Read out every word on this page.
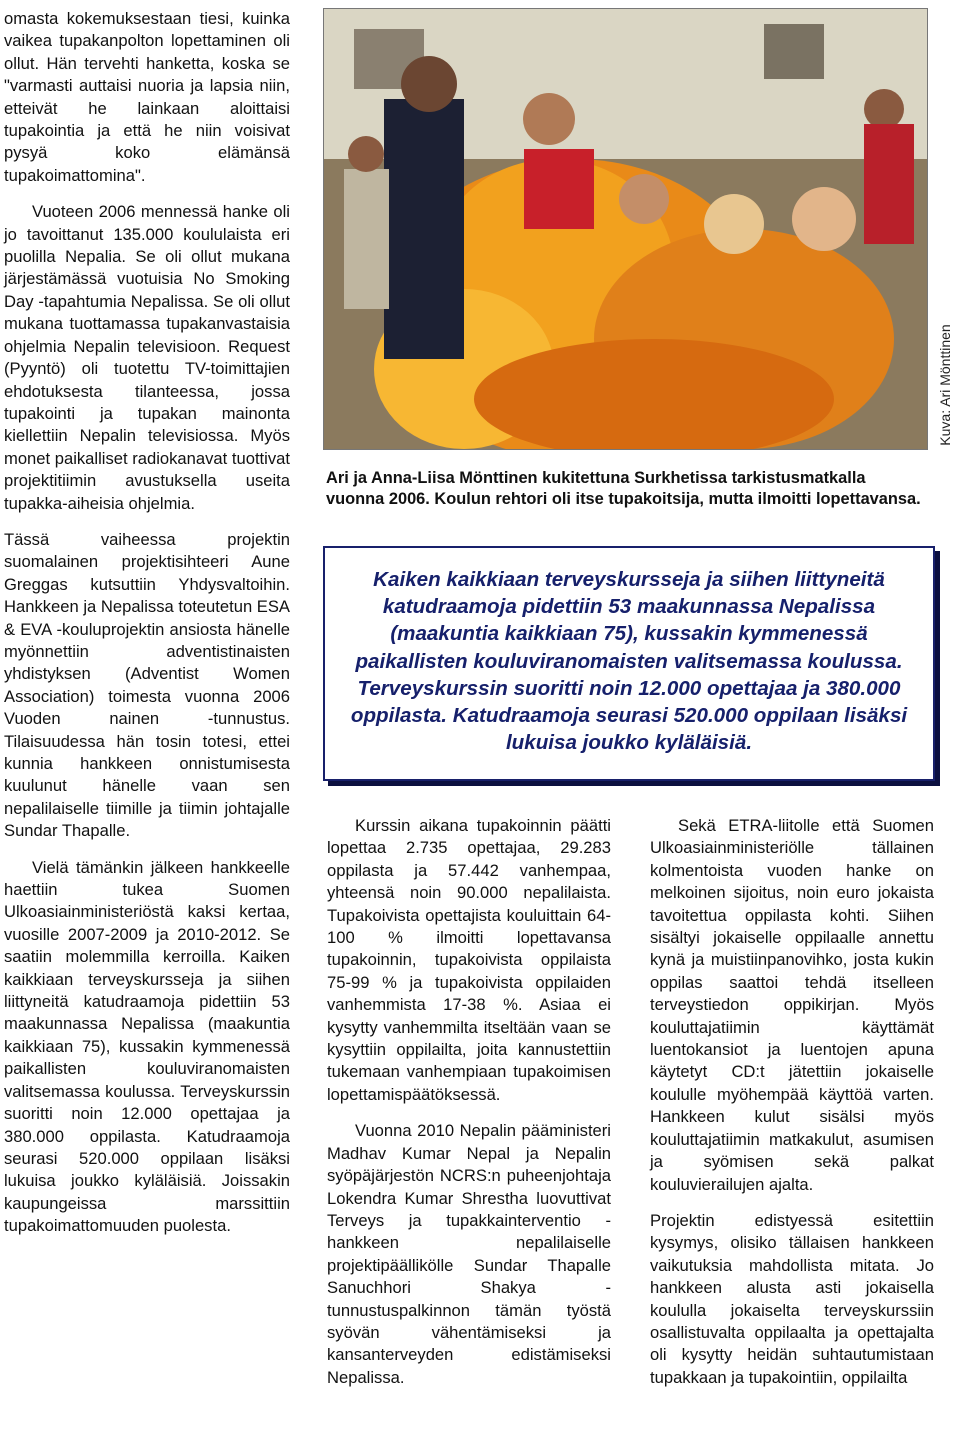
omasta kokemuksestaan tiesi, kuinka vaikea tupakanpolton lopettaminen oli ollut. Hän tervehti hanketta, koska se "varmasti auttaisi nuoria ja lapsia niin, etteivät he lainkaan aloittaisi tupakointia ja että he niin voisivat pysyä koko elämänsä tupakoimattomina".

Vuoteen 2006 mennessä hanke oli jo tavoittanut 135.000 koululaista eri puolilla Nepalia. Se oli ollut mukana järjestämässä vuotuisia No Smoking Day -tapahtumia Nepalissa. Se oli ollut mukana tuottamassa tupakanvastaisia ohjelmia Nepalin televisioon. Request (Pyyntö) oli tuotettu TV-toimittajien ehdotuksesta tilanteessa, jossa tupakointi ja tupakan mainonta kiellettiin Nepalin televisiossa. Myös monet paikalliset radiokanavat tuottivat projektitiimin avustuksella useita tupakka-aiheisia ohjelmia.

Tässä vaiheessa projektin suomalainen projektisihteeri Aune Greggas kutsuttiin Yhdysvaltoihin. Hankkeen ja Nepalissa toteutetun ESA & EVA -kouluprojektin ansiosta hänelle myönnettiin adventistinaisten yhdistyksen (Adventist Women Association) toimesta vuonna 2006 Vuoden nainen -tunnustus. Tilaisuudessa hän tosin totesi, ettei kunnia hankkeen onnistumisesta kuulunut hänelle vaan sen nepalilaiselle tiimille ja tiimin johtajalle Sundar Thapalle.

Vielä tämänkin jälkeen hankkeelle haettiin tukea Suomen Ulkoasiainministeriöstä kaksi kertaa, vuosille 2007-2009 ja 2010-2012. Se saatiin molemmilla kerroilla. Kaiken kaikkiaan terveyskursseja ja siihen liittyneitä katudraamoja pidettiin 53 maakunnassa Nepalissa (maakuntia kaikkiaan 75), kussakin kymmenessä paikallisten kouluviranomaisten valitsemassa koulussa. Terveyskurssin suoritti noin 12.000 opettajaa ja 380.000 oppilasta. Katudraamoja seurasi 520.000 oppilaan lisäksi lukuisa joukko kyläläisiä. Joissakin kaupungeissa marssittiin tupakoimattomuuden puolesta.

Kuva: Ari Mönttinen

Ari ja Anna-Liisa Mönttinen kukitettuna Surkhetissa tarkistusmatkalla vuonna 2006. Koulun rehtori oli itse tupakoitsija, mutta ilmoitti lopettavansa.

Kaiken kaikkiaan terveyskursseja ja siihen liittyneitä katudraamoja pidettiin 53 maakunnassa Nepalissa (maakuntia kaikkiaan 75), kussakin kymmenessä paikallisten kouluviranomaisten valitsemassa koulussa. Terveyskurssin suoritti noin 12.000 opettajaa ja 380.000 oppilasta. Katudraamoja seurasi 520.000 oppilaan lisäksi lukuisa joukko kyläläisiä.

Kurssin aikana tupakoinnin päätti lopettaa 2.735 opettajaa, 29.283 oppilasta ja 57.442 vanhempaa, yhteensä noin 90.000 nepalilaista. Tupakoivista opettajista kouluittain 64-100 % ilmoitti lopettavansa tupakoinnin, tupakoivista oppilaista 75-99 % ja tupakoivista oppilaiden vanhemmista 17-38 %. Asiaa ei kysytty vanhemmilta itseltään vaan se kysyttiin oppilailta, joita kannustettiin tukemaan vanhempiaan tupakoimisen lopettamispäätöksessä.

Vuonna 2010 Nepalin pääministeri Madhav Kumar Nepal ja Nepalin syöpäjärjestön NCRS:n puheenjohtaja Lokendra Kumar Shrestha luovuttivat Terveys ja tupakkainterventio -hankkeen nepalilaiselle projektipäällikölle Sundar Thapalle Sanuchhori Shakya -tunnustuspalkinnon tämän työstä syövän vähentämiseksi ja kansanterveyden edistämiseksi Nepalissa.

Sekä ETRA-liitolle että Suomen Ulkoasiainministeriölle tällainen kolmentoista vuoden hanke on melkoinen sijoitus, noin euro jokaista tavoitettua oppilasta kohti. Siihen sisältyi jokaiselle oppilaalle annettu kynä ja muistiinpanovihko, josta kukin oppilas saattoi tehdä itselleen terveystiedon oppikirjan. Myös kouluttajatiimin käyttämät luentokansiot ja luentojen apuna käytetyt CD:t jätettiin jokaiselle koululle myöhempää käyttöä varten. Hankkeen kulut sisälsi myös kouluttajatiimin matkakulut, asumisen ja syömisen sekä palkat kouluvierailujen ajalta.

Projektin edistyessä esitettiin kysymys, olisiko tällaisen hankkeen vaikutuksia mahdollista mitata. Jo hankkeen alusta asti jokaisella koululla jokaiselta terveyskurssiin osallistuvalta oppilaalta ja opettajalta oli kysytty heidän suhtautumistaan tupakkaan ja tupakointiin, oppilailta
